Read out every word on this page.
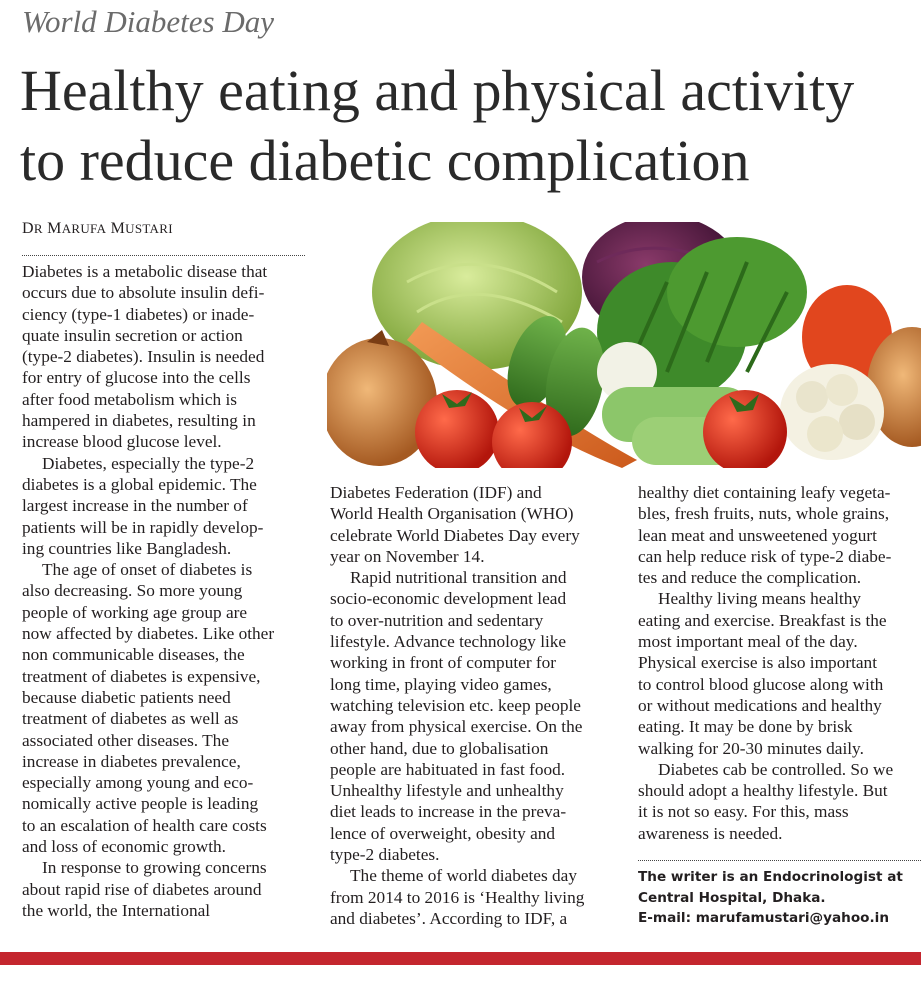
World Diabetes Day
Healthy eating and physical activity
to reduce diabetic complication
DR MARUFA MUSTARI
Diabetes is a metabolic disease that
occurs due to absolute insulin defi-
ciency (type-1 diabetes) or inade-
quate insulin secretion or action
(type-2 diabetes). Insulin is needed
for entry of glucose into the cells
after food metabolism which is
hampered in diabetes, resulting in
increase blood glucose level.
Diabetes, especially the type-2
diabetes is a global epidemic. The
largest increase in the number of
patients will be in rapidly develop-
ing countries like Bangladesh.
The age of onset of diabetes is
also decreasing. So more young
people of working age group are
now affected by diabetes. Like other
non communicable diseases, the
treatment of diabetes is expensive,
because diabetic patients need
treatment of diabetes as well as
associated other diseases. The
increase in diabetes prevalence,
especially among young and eco-
nomically active people is leading
to an escalation of health care costs
and loss of economic growth.
In response to growing concerns
about rapid rise of diabetes around
the world, the International
Diabetes Federation (IDF) and
World Health Organisation (WHO)
celebrate World Diabetes Day every
year on November 14.
Rapid nutritional transition and
socio-economic development lead
to over-nutrition and sedentary
lifestyle. Advance technology like
working in front of computer for
long time, playing video games,
watching television etc. keep people
away from physical exercise. On the
other hand, due to globalisation
people are habituated in fast food.
Unhealthy lifestyle and unhealthy
diet leads to increase in the preva-
lence of overweight, obesity and
type-2 diabetes.
The theme of world diabetes day
from 2014 to 2016 is ‘Healthy living
and diabetes’. According to IDF, a
healthy diet containing leafy vegeta-
bles, fresh fruits, nuts, whole grains,
lean meat and unsweetened yogurt
can help reduce risk of type-2 diabe-
tes and reduce the complication.
Healthy living means healthy
eating and exercise. Breakfast is the
most important meal of the day.
Physical exercise is also important
to control blood glucose along with
or without medications and healthy
eating. It may be done by brisk
walking for 20-30 minutes daily.
Diabetes cab be controlled. So we
should adopt a healthy lifestyle. But
it is not so easy. For this, mass
awareness is needed.
The writer is an Endocrinologist at
Central Hospital, Dhaka.
E-mail: marufamustari@yahoo.in
